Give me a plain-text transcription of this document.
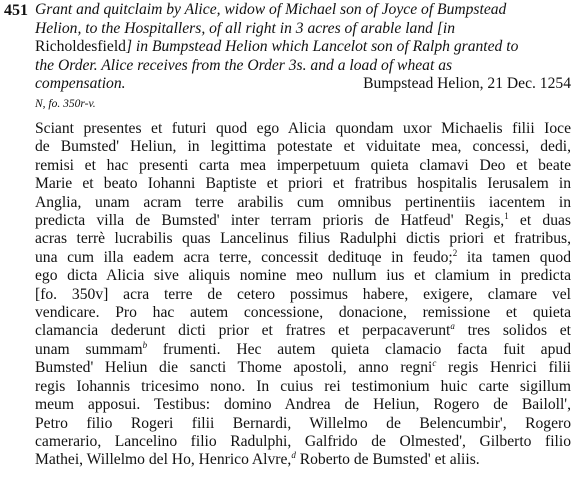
451 Grant and quitclaim by Alice, widow of Michael son of Joyce of Bumpstead
Helion, to the Hospitallers, of all right in 3 acres of arable land [in
Richoldesfield] in Bumpstead Helion which Lancelot son of Ralph granted to
the Order. Alice receives from the Order 3s. and a load of wheat as
compensation.	Bumpstead Helion, 21 Dec. 1254

N, fo. 350r-v.

Sciant presentes et futuri quod ego Alicia quondam uxor Michaelis filii Ioce
de Bumsted' Heliun, in legittima potestate et viduitate mea, concessi, dedi,
remisi et hac presenti carta mea imperpetuum quieta clamavi Deo et beate
Marie et beato Iohanni Baptiste et priori et fratribus hospitalis Ierusalem in
Anglia, unam acram terre arabilis cum omnibus pertinentiis iacentem in
predicta villa de Bumsted' inter terram prioris de Hatfeud' Regis,$^1$ et duas
acras terrè lucrabilis quas Lancelinus filius Radulphi dictis priori et fratribus,
una cum illa eadem acra terre, concessit dedituqe in feudo;$^2$ ita tamen quod
ego dicta Alicia sive aliquis nomine meo nullum ius et clamium in predicta
[fo. 350v] acra terre de cetero possimus habere, exigere, clamare vel
vendicare. Pro hac autem concessione, donacione, remissione et quieta
clamancia dederunt dicti prior et fratres et perpacaverunt$^a$ tres solidos et
unam summam$^b$ frumenti. Hec autem quieta clamacio facta fuit apud
Bumsted' Heliun die sancti Thome apostoli, anno regni$^c$ regis Henrici filii
regis Iohannis tricesimo nono. In cuius rei testimonium huic carte sigillum
meum apposui. Testibus: domino Andrea de Heliun, Rogero de Bailoll',
Petro filio Rogeri filii Bernardi, Willelmo de Belencumbir', Rogero
camerario, Lancelino filio Radulphi, Galfrido de Olmested', Gilberto filio
Mathei, Willelmo del Ho, Henrico Alvre,$^d$ Roberto de Bumsted' et aliis.
